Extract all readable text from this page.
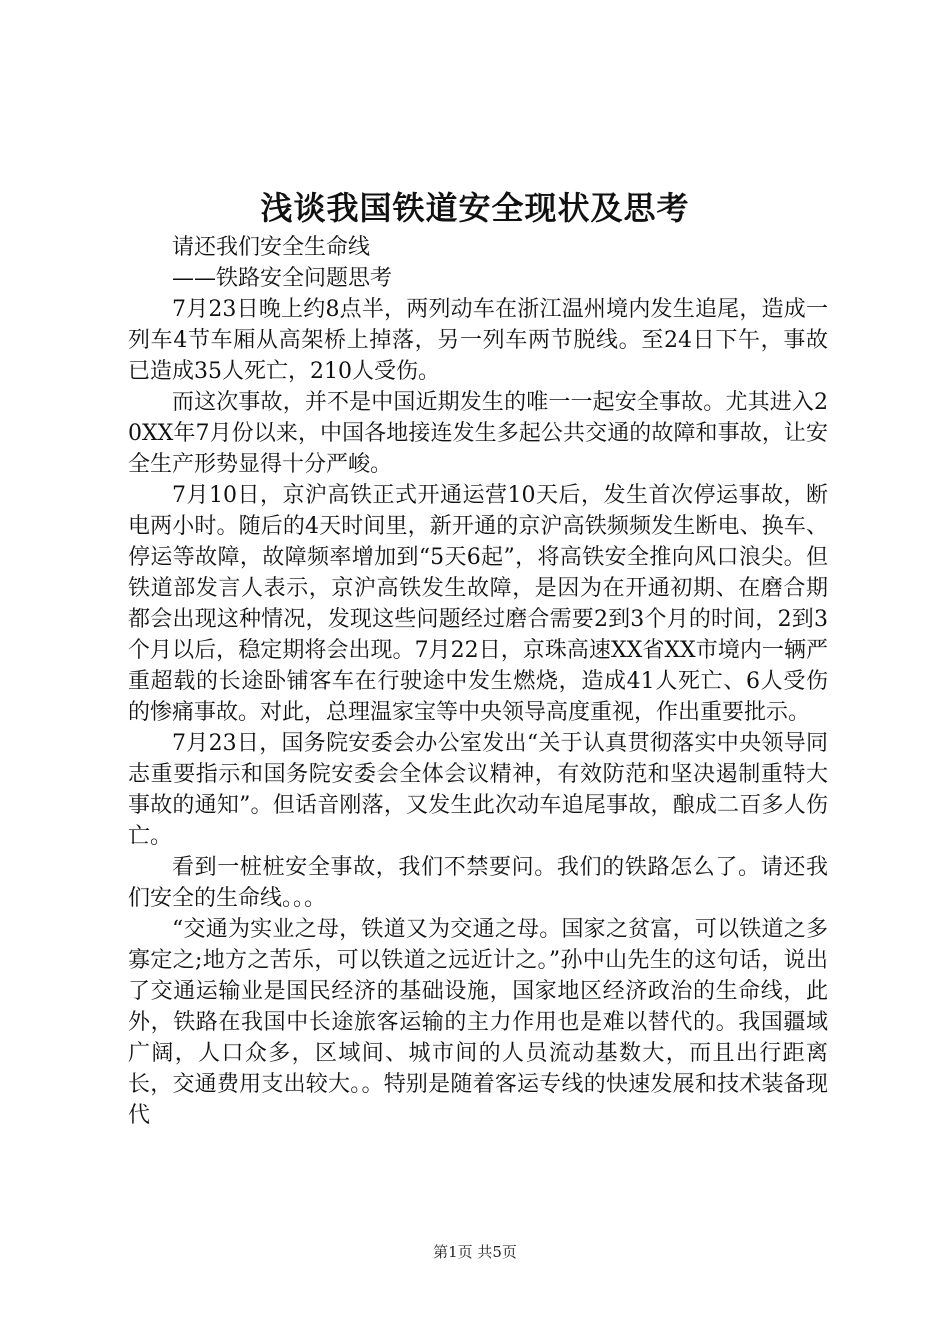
浅谈我国铁道安全现状及思考

请还我们安全生命线

——铁路安全问题思考

7月23日晚上约8点半，两列动车在浙江温州境内发生追尾，造成一列车4节车厢从高架桥上掉落，另一列车两节脱线。至24日下午，事故已造成35人死亡，210人受伤。

而这次事故，并不是中国近期发生的唯一一起安全事故。尤其进入20XX年7月份以来，中国各地接连发生多起公共交通的故障和事故，让安全生产形势显得十分严峻。

7月10日，京沪高铁正式开通运营10天后，发生首次停运事故，断电两小时。随后的4天时间里，新开通的京沪高铁频频发生断电、换车、停运等故障，故障频率增加到“5天6起”，将高铁安全推向风口浪尖。但铁道部发言人表示，京沪高铁发生故障，是因为在开通初期、在磨合期都会出现这种情况，发现这些问题经过磨合需要2到3个月的时间，2到3个月以后，稳定期将会出现。7月22日，京珠高速XX省XX市境内一辆严重超载的长途卧铺客车在行驶途中发生燃烧，造成41人死亡、6人受伤的惨痛事故。对此，总理温家宝等中央领导高度重视，作出重要批示。

7月23日，国务院安委会办公室发出“关于认真贯彻落实中央领导同志重要指示和国务院安委会全体会议精神，有效防范和坚决遏制重特大事故的通知”。但话音刚落，又发生此次动车追尾事故，酿成二百多人伤亡。

看到一桩桩安全事故，我们不禁要问。我们的铁路怎么了。请还我们安全的生命线。。。

“交通为实业之母，铁道又为交通之母。国家之贫富，可以铁道之多寡定之;地方之苦乐，可以铁道之远近计之。”孙中山先生的这句话，说出了交通运输业是国民经济的基础设施，国家地区经济政治的生命线，此外，铁路在我国中长途旅客运输的主力作用也是难以替代的。我国疆域广阔，人口众多，区域间、城市间的人员流动基数大，而且出行距离长，交通费用支出较大。。特别是随着客运专线的快速发展和技术装备现代

第1页 共5页
